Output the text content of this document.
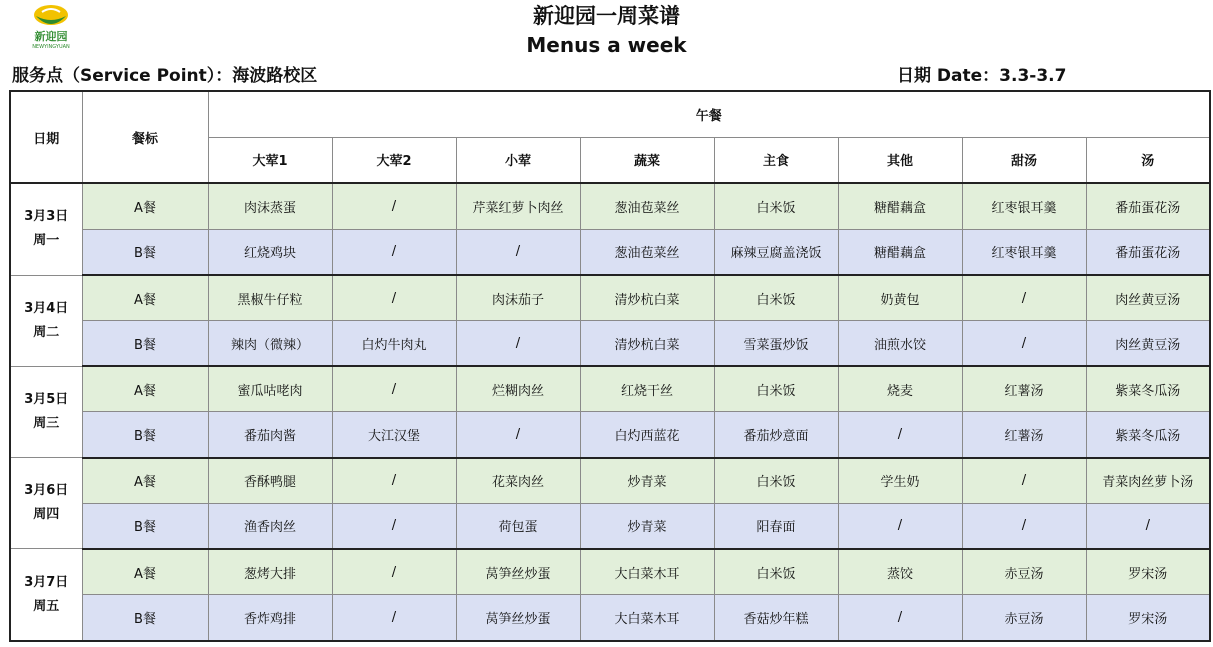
新迎园
NEWYINGYUAN
新迎园一周菜谱
Menus a week
服务点（Service Point）：海波路校区	日期 Date：3.3-3.7
日期	餐标	午餐							
		大荤1	大荤2	小荤	蔬菜	主食	其他	甜汤	汤

3月3日
周一	A餐	肉沫蒸蛋	/	芹菜红萝卜肉丝	葱油苞菜丝	白米饭	糖醋藕盒	红枣银耳羹	番茄蛋花汤
	B餐	红烧鸡块	/	/	葱油苞菜丝	麻辣豆腐盖浇饭	糖醋藕盒	红枣银耳羹	番茄蛋花汤

3月4日
周二	A餐	黑椒牛仔粒	/	肉沫茄子	清炒杭白菜	白米饭	奶黄包	/	肉丝黄豆汤
	B餐	辣肉（微辣）	白灼牛肉丸	/	清炒杭白菜	雪菜蛋炒饭	油煎水饺	/	肉丝黄豆汤

3月5日
周三	A餐	蜜瓜咕咾肉	/	烂糊肉丝	红烧干丝	白米饭	烧麦	红薯汤	紫菜冬瓜汤
	B餐	番茄肉酱	大江汉堡	/	白灼西蓝花	番茄炒意面	/	红薯汤	紫菜冬瓜汤

3月6日
周四	A餐	香酥鸭腿	/	花菜肉丝	炒青菜	白米饭	学生奶	/	青菜肉丝萝卜汤
	B餐	渔香肉丝	/	荷包蛋	炒青菜	阳春面	/	/	/

3月7日
周五	A餐	葱烤大排	/	莴笋丝炒蛋	大白菜木耳	白米饭	蒸饺	赤豆汤	罗宋汤
	B餐	香炸鸡排	/	莴笋丝炒蛋	大白菜木耳	香菇炒年糕	/	赤豆汤	罗宋汤
